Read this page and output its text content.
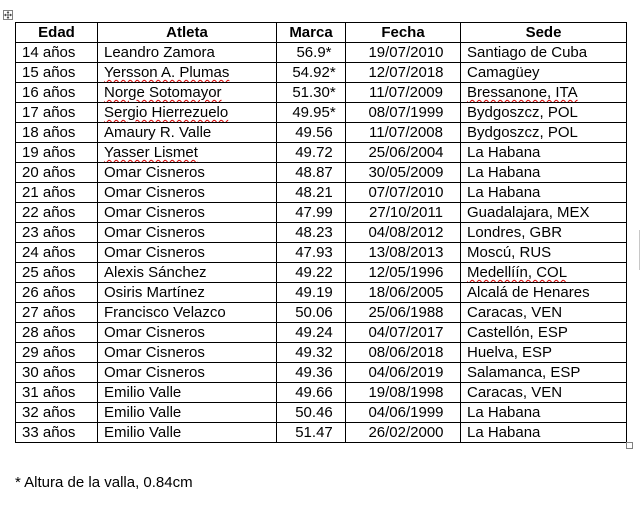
Edad	Atleta	Marca	Fecha	Sede
14 años	Leandro Zamora	56.9*	19/07/2010	Santiago de Cuba
15 años	Yersson A. Plumas	54.92*	12/07/2018	Camagüey
16 años	Norge Sotomayor	51.30*	11/07/2009	Bressanone, ITA
17 años	Sergio Hierrezuelo	49.95*	08/07/1999	Bydgoszcz, POL
18 años	Amaury R. Valle	49.56	11/07/2008	Bydgoszcz, POL
19 años	Yasser Lismet	49.72	25/06/2004	La Habana
20 años	Omar Cisneros	48.87	30/05/2009	La Habana
21 años	Omar Cisneros	48.21	07/07/2010	La Habana
22 años	Omar Cisneros	47.99	27/10/2011	Guadalajara, MEX
23 años	Omar Cisneros	48.23	04/08/2012	Londres, GBR
24 años	Omar Cisneros	47.93	13/08/2013	Moscú, RUS
25 años	Alexis Sánchez	49.22	12/05/1996	Medellíín, COL
26 años	Osiris Martínez	49.19	18/06/2005	Alcalá de Henares
27 años	Francisco Velazco	50.06	25/06/1988	Caracas, VEN
28 años	Omar Cisneros	49.24	04/07/2017	Castellón, ESP
29 años	Omar Cisneros	49.32	08/06/2018	Huelva, ESP
30 años	Omar Cisneros	49.36	04/06/2019	Salamanca, ESP
31 años	Emilio Valle	49.66	19/08/1998	Caracas, VEN
32 años	Emilio Valle	50.46	04/06/1999	La Habana
33 años	Emilio Valle	51.47	26/02/2000	La Habana
* Altura de la valla, 0.84cm
